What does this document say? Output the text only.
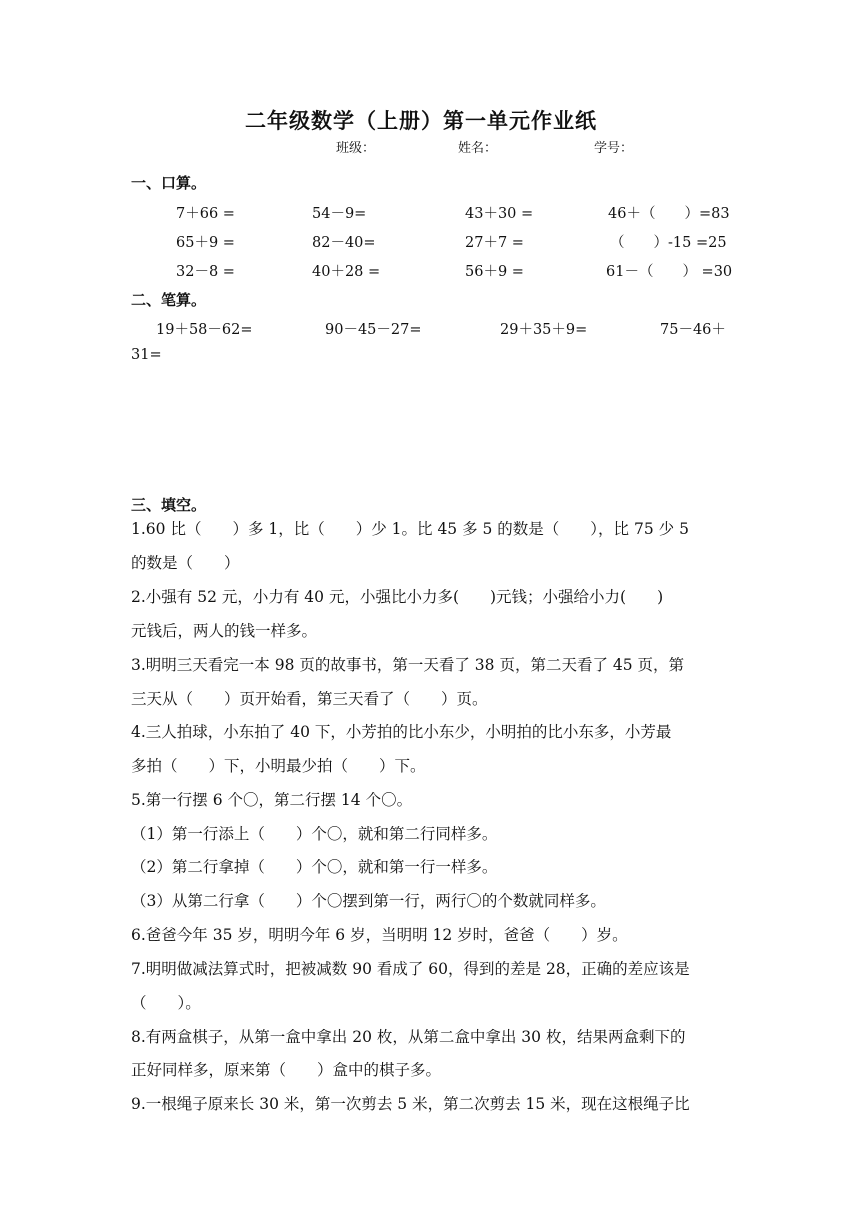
二年级数学（上册）第一单元作业纸
班级：	姓名：	学号：
一、口算。
7＋66 =	54－9=	43＋30 =	46＋（　　）=83
65＋9 =	82－40=	27＋7 =	（　　）-15 =25
32－8 =	40＋28 =	56＋9 =	61－（　　） =30
二、笔算。
19＋58－62=	90－45－27=	29＋35＋9=	75－46＋
31=
三、填空。
1.60 比（　　）多 1，比（　　）少 1。比 45 多 5 的数是（　　），比 75 少 5
的数是（　　）
2.小强有 52 元，小力有 40 元，小强比小力多(　　)元钱；小强给小力(　　)
元钱后，两人的钱一样多。
3.明明三天看完一本 98 页的故事书，第一天看了 38 页，第二天看了 45 页，第
三天从（　　）页开始看，第三天看了（　　）页。
4.三人拍球，小东拍了 40 下，小芳拍的比小东少，小明拍的比小东多，小芳最
多拍（　　）下，小明最少拍（　　）下。
5.第一行摆 6 个〇，第二行摆 14 个〇。
（1）第一行添上（　　）个〇，就和第二行同样多。
（2）第二行拿掉（　　）个〇，就和第一行一样多。
（3）从第二行拿（　　）个〇摆到第一行，两行〇的个数就同样多。
6.爸爸今年 35 岁，明明今年 6 岁，当明明 12 岁时，爸爸（　　）岁。
7.明明做减法算式时，把被减数 90 看成了 60，得到的差是 28，正确的差应该是
（　　）。
8.有两盒棋子，从第一盒中拿出 20 枚，从第二盒中拿出 30 枚，结果两盒剩下的
正好同样多，原来第（　　）盒中的棋子多。
9.一根绳子原来长 30 米，第一次剪去 5 米，第二次剪去 15 米，现在这根绳子比
